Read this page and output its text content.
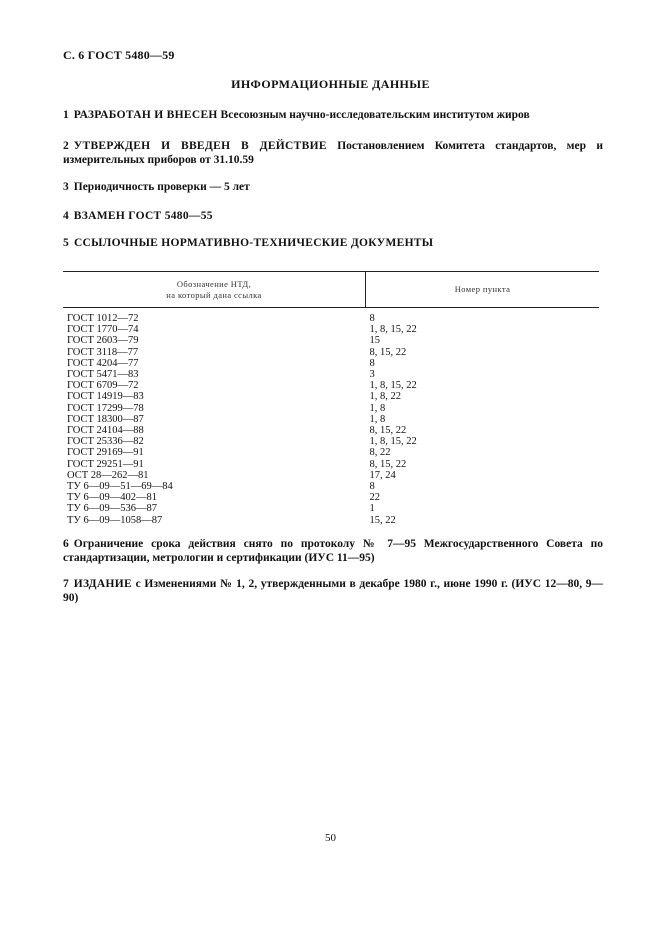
С. 6 ГОСТ 5480—59
ИНФОРМАЦИОННЫЕ ДАННЫЕ
1 РАЗРАБОТАН И ВНЕСЕН Всесоюзным научно-исследовательским институтом жиров
2 УТВЕРЖДЕН И ВВЕДЕН В ДЕЙСТВИЕ Постановлением Комитета стандартов, мер и измерительных приборов от 31.10.59
3 Периодичность проверки — 5 лет
4 ВЗАМЕН ГОСТ 5480—55
5 ССЫЛОЧНЫЕ НОРМАТИВНО-ТЕХНИЧЕСКИЕ ДОКУМЕНТЫ
Обозначение НТД,
на который дана ссылка	Номер пункта
ГОСТ 1012—72	8
ГОСТ 1770—74	1, 8, 15, 22
ГОСТ 2603—79	15
ГОСТ 3118—77	8, 15, 22
ГОСТ 4204—77	8
ГОСТ 5471—83	3
ГОСТ 6709—72	1, 8, 15, 22
ГОСТ 14919—83	1, 8, 22
ГОСТ 17299—78	1, 8
ГОСТ 18300—87	1, 8
ГОСТ 24104—88	8, 15, 22
ГОСТ 25336—82	1, 8, 15, 22
ГОСТ 29169—91	8, 22
ГОСТ 29251—91	8, 15, 22
ОСТ 28—262—81	17, 24
ТУ 6—09—51—69—84	8
ТУ 6—09—402—81	22
ТУ 6—09—536—87	1
ТУ 6—09—1058—87	15, 22
6 Ограничение срока действия снято по протоколу № 7—95 Межгосударственного Совета по стандартизации, метрологии и сертификации (ИУС 11—95)
7 ИЗДАНИЕ с Изменениями № 1, 2, утвержденными в декабре 1980 г., июне 1990 г. (ИУС 12—80, 9—90)
50
